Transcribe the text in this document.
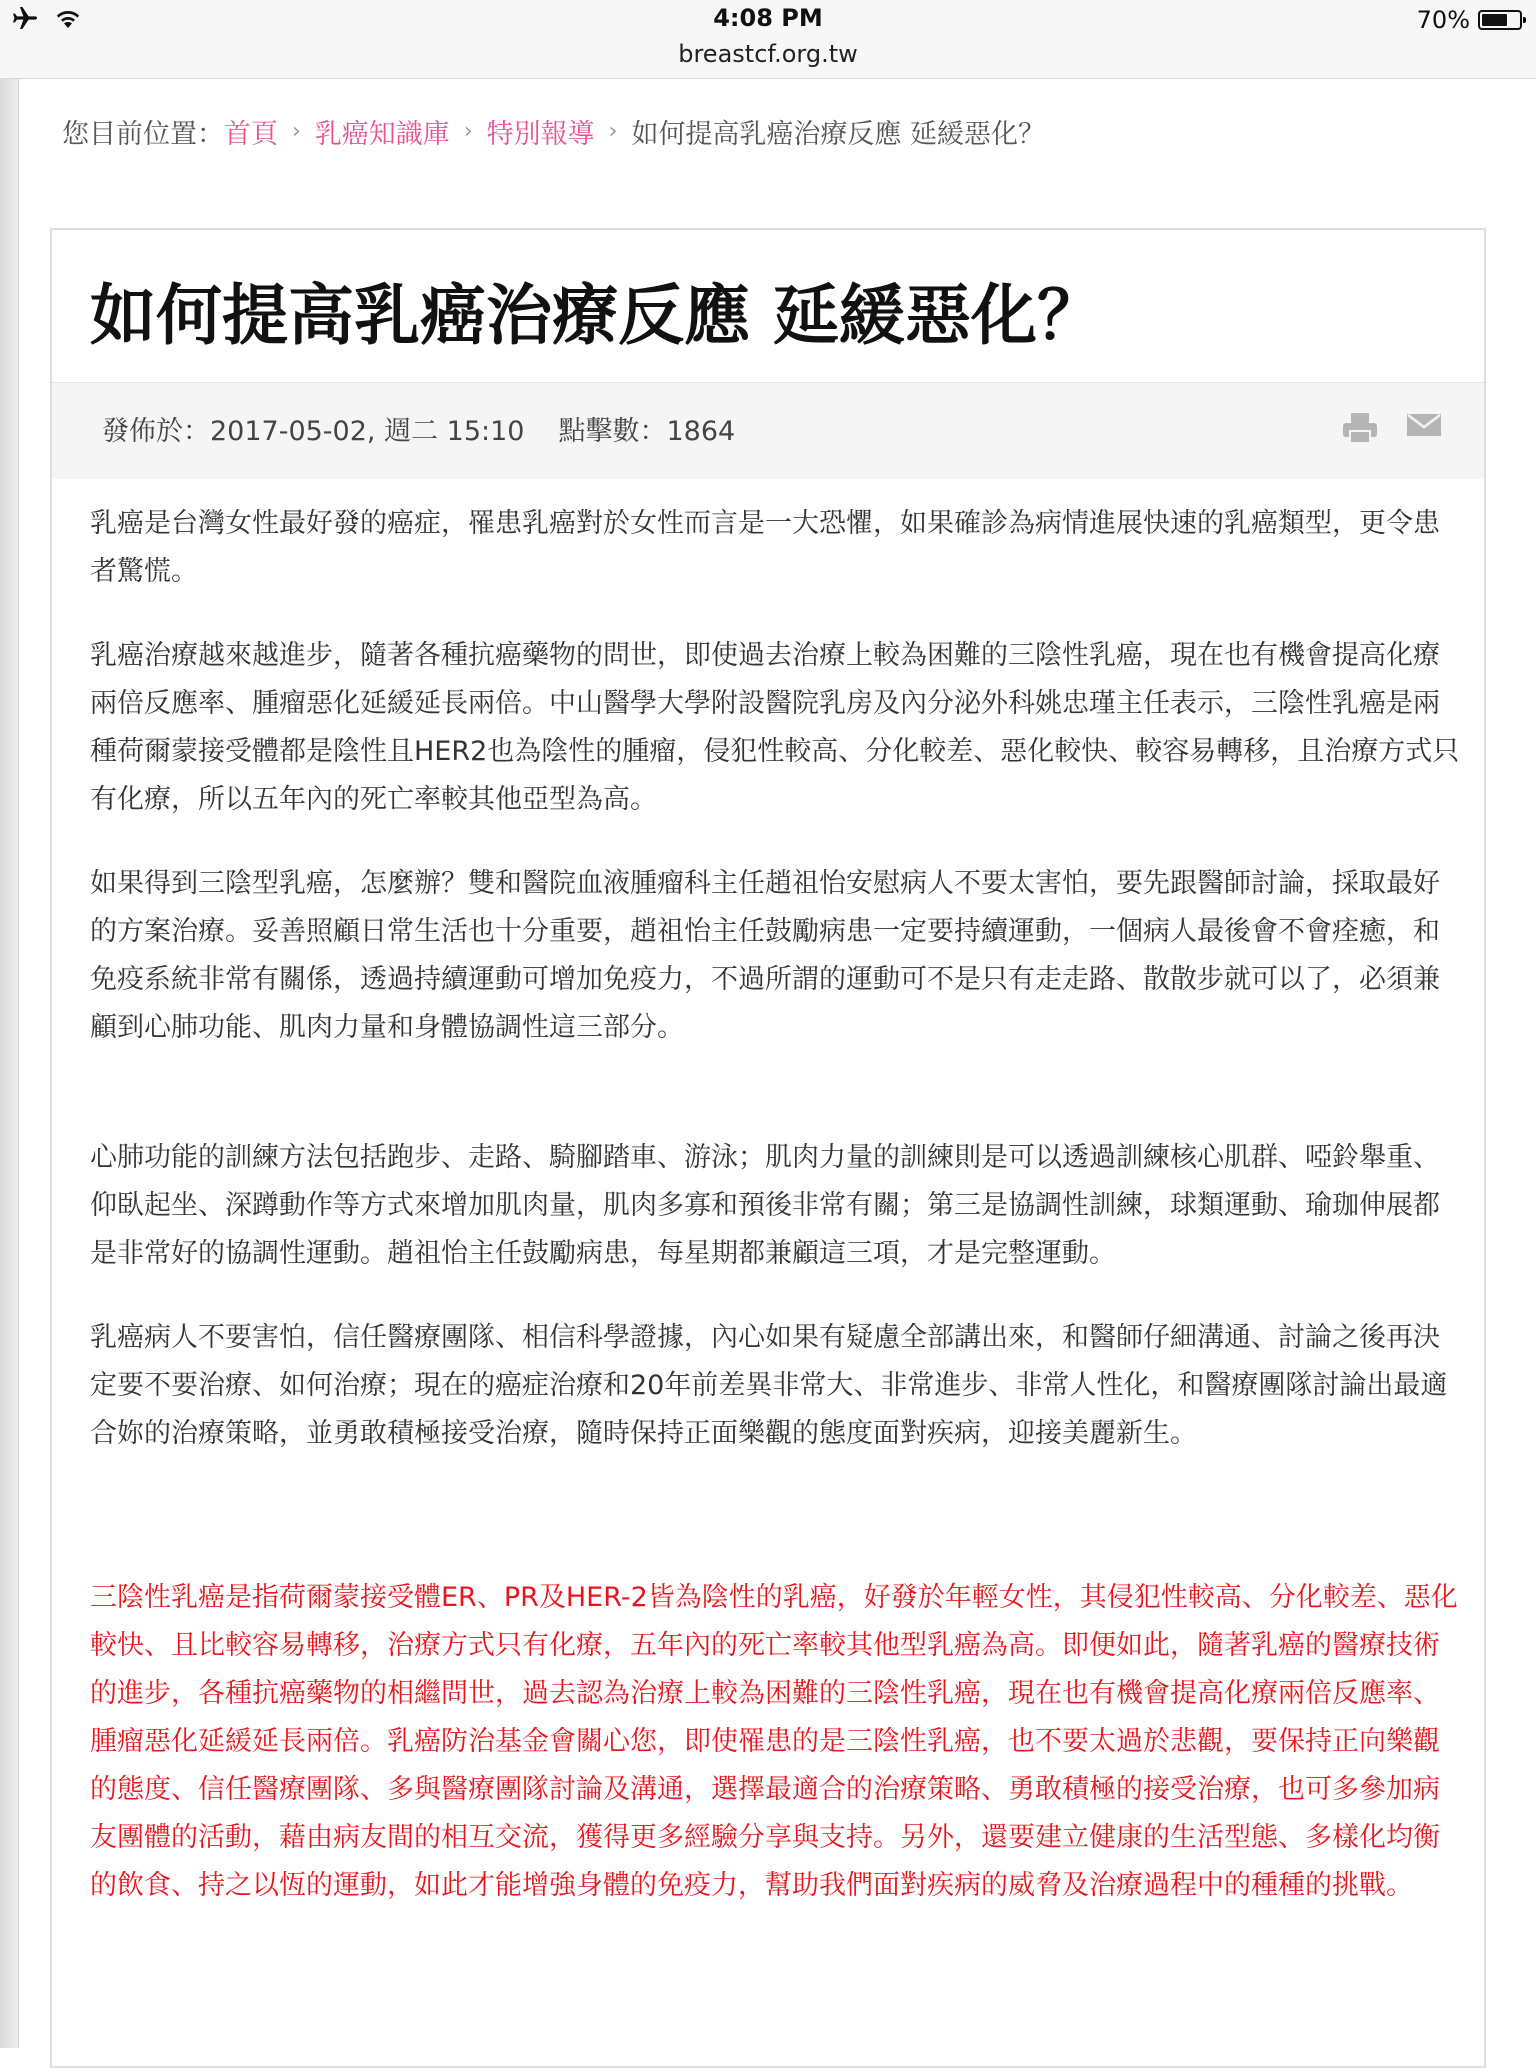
4:08 PM
breastcf.org.tw
70%
您目前位置： 首頁 › 乳癌知識庫 › 特別報導 › 如何提高乳癌治療反應 延緩惡化？
如何提高乳癌治療反應 延緩惡化？
發佈於：2017-05-02, 週二 15:10 點擊數：1864

乳癌是台灣女性最好發的癌症，罹患乳癌對於女性而言是一大恐懼，如果確診為病情進展快速的乳癌類型，更令患者驚慌。

乳癌治療越來越進步，隨著各種抗癌藥物的問世，即使過去治療上較為困難的三陰性乳癌，現在也有機會提高化療兩倍反應率、腫瘤惡化延緩延長兩倍。中山醫學大學附設醫院乳房及內分泌外科姚忠瑾主任表示，三陰性乳癌是兩種荷爾蒙接受體都是陰性且HER2也為陰性的腫瘤，侵犯性較高、分化較差、惡化較快、較容易轉移，且治療方式只有化療，所以五年內的死亡率較其他亞型為高。

如果得到三陰型乳癌，怎麼辦？雙和醫院血液腫瘤科主任趙祖怡安慰病人不要太害怕，要先跟醫師討論，採取最好的方案治療。妥善照顧日常生活也十分重要，趙祖怡主任鼓勵病患一定要持續運動，一個病人最後會不會痊癒，和免疫系統非常有關係，透過持續運動可增加免疫力，不過所謂的運動可不是只有走走路、散散步就可以了，必須兼顧到心肺功能、肌肉力量和身體協調性這三部分。

心肺功能的訓練方法包括跑步、走路、騎腳踏車、游泳；肌肉力量的訓練則是可以透過訓練核心肌群、啞鈴舉重、仰臥起坐、深蹲動作等方式來增加肌肉量，肌肉多寡和預後非常有關；第三是協調性訓練，球類運動、瑜珈伸展都是非常好的協調性運動。趙祖怡主任鼓勵病患，每星期都兼顧這三項，才是完整運動。

乳癌病人不要害怕，信任醫療團隊、相信科學證據，內心如果有疑慮全部講出來，和醫師仔細溝通、討論之後再決定要不要治療、如何治療；現在的癌症治療和20年前差異非常大、非常進步、非常人性化，和醫療團隊討論出最適合妳的治療策略，並勇敢積極接受治療，隨時保持正面樂觀的態度面對疾病，迎接美麗新生。

三陰性乳癌是指荷爾蒙接受體ER、PR及HER-2皆為陰性的乳癌，好發於年輕女性，其侵犯性較高、分化較差、惡化較快、且比較容易轉移，治療方式只有化療，五年內的死亡率較其他型乳癌為高。即便如此，隨著乳癌的醫療技術的進步，各種抗癌藥物的相繼問世，過去認為治療上較為困難的三陰性乳癌，現在也有機會提高化療兩倍反應率、腫瘤惡化延緩延長兩倍。乳癌防治基金會關心您，即使罹患的是三陰性乳癌，也不要太過於悲觀，要保持正向樂觀的態度、信任醫療團隊、多與醫療團隊討論及溝通，選擇最適合的治療策略、勇敢積極的接受治療，也可多參加病友團體的活動，藉由病友間的相互交流，獲得更多經驗分享與支持。另外，還要建立健康的生活型態、多樣化均衡的飲食、持之以恆的運動，如此才能增強身體的免疫力，幫助我們面對疾病的威脅及治療過程中的種種的挑戰。
